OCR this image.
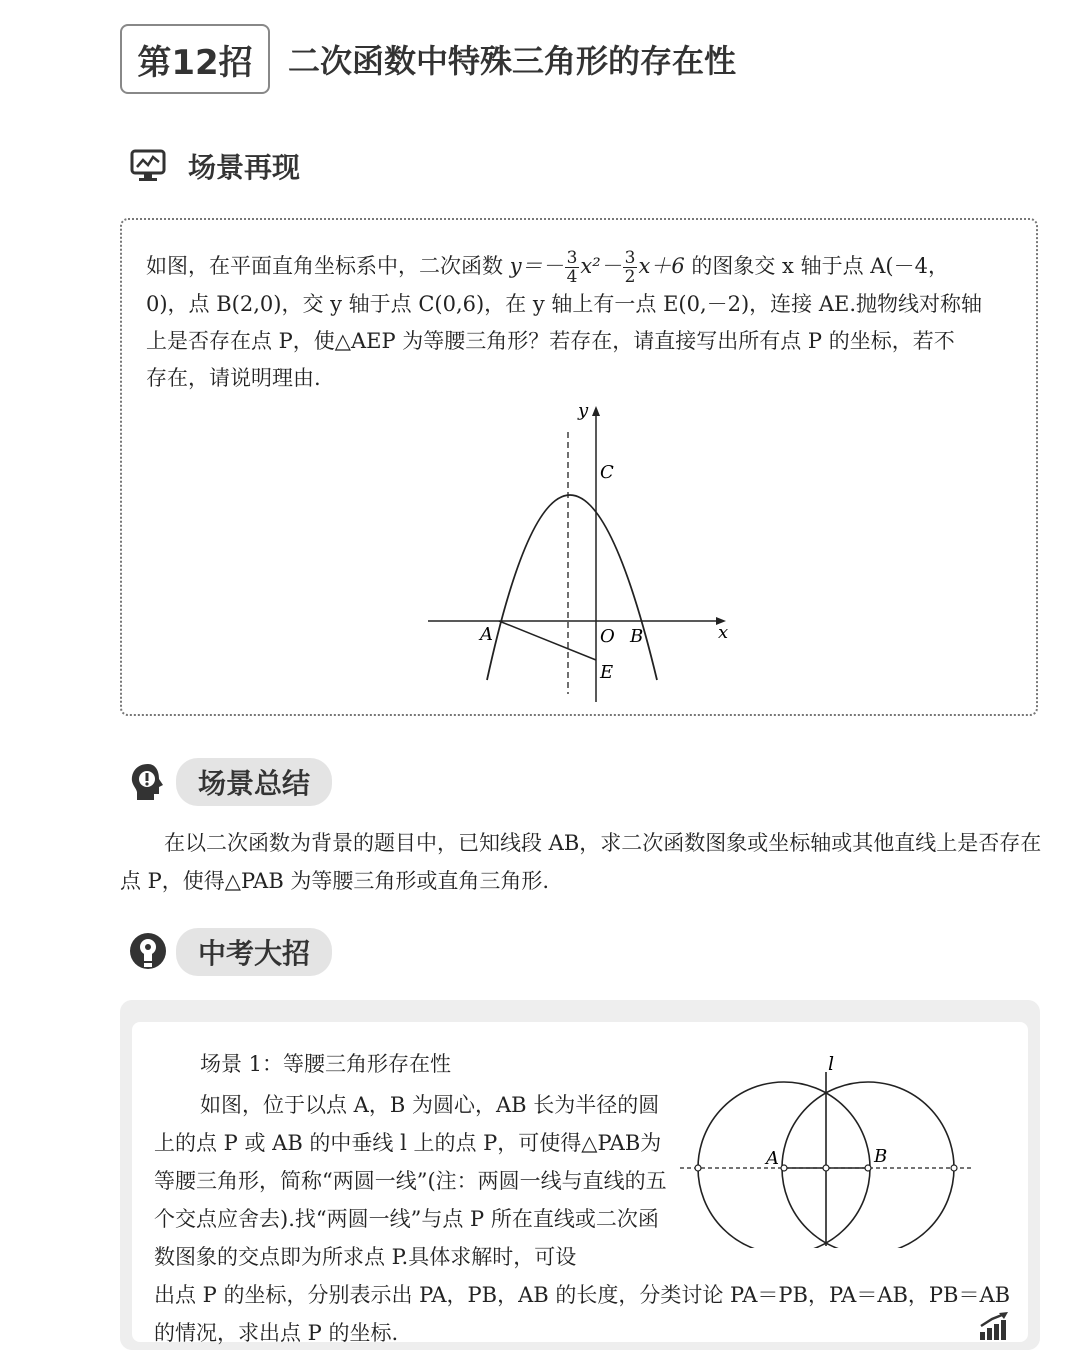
第12招	二次函数中特殊三角形的存在性
场景再现
如图，在平面直角坐标系中，二次函数 $y=- \frac{3}{4} x^2- \frac{3}{2} x+6$ 的图象交 x 轴于点 A(－4，
0)，点 B(2,0)，交 y 轴于点 C(0,6)，在 y 轴上有一点 E(0,－2)，连接 AE.抛物线对称轴
上是否存在点 P，使△AEP 为等腰三角形？若存在，请直接写出所有点 P 的坐标，若不
存在，请说明理由.
y
x
C
A	O B
E
场景总结
在以二次函数为背景的题目中，已知线段 AB，求二次函数图象或坐标轴或其他直线上是否存在点 P，使得△PAB 为等腰三角形或直角三角形.
中考大招
场景 1：等腰三角形存在性
如图，位于以点 A，B 为圆心，AB 长为半径的圆上的点 P 或 AB 的中垂线 l 上的点 P，可使得△PAB为等腰三角形，简称“两圆一线”(注：两圆一线与直线的五个交点应舍去).找“两圆一线”与点 P 所在直线或二次函数图象的交点即为所求点 P.具体求解时，可设
出点 P 的坐标，分别表示出 PA，PB，AB 的长度，分类讨论 PA＝PB，PA＝AB，PB＝AB 的情况，求出点 P 的坐标.
l
A	B
